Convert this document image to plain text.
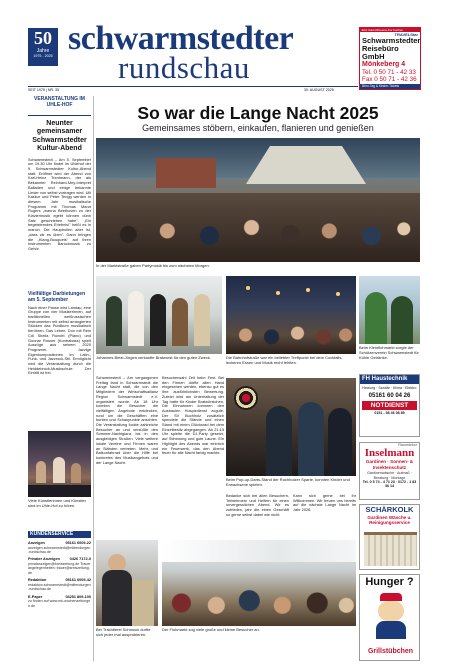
50
Jahre
1975 - 2025 schwarmstedter
rundschau
SEIT 1975 | NR. 35	30. AUGUST 2025
Jetzt Gast-Rheuma-Kur buchen
TRAVELStar
Schwarmstedter
Reisebüro GmbH
Mönkeberg 4
Tel. 0 50 71 - 42 33
Fax 0 50 71 - 42 36
Büro-Tag & Kinder-Tickets
VERANSTALTUNG IM UHLE-HOF
Neunter gemeinsamer Schwarmstedter Kultur-Abend
Schwarmstedt – Am 5. September um 19.30 Uhr findet im Uhlehof der 9. Schwarmstedter Kultur-Abend statt. Eröffnet wird der Abend von Karl-Heinz Trentmann, der als Bekannter Reinhard-Mey-Interpret Balladen und einige bekannte Lieder von selbst vortragen wird. Ulli Kaskur und Peter Tengg werden in diesem Jahr musikalische Programm mit Thomas Marot Rogers „wanna Beethoven zu der Klaviermusik egebt können dünn Satz geschrieben habe". „Ein begeisterndes Erlebnis!" heißt es in manch. Die Hauptrollen aber ist, „dass wir es üben". Dann bringen die „Klang-Bouquets" auf ihren Instrumenten Barockmusik zu Gehör.
Vielfältige Darbietungen am 5. September
Nach einer Pause wird Landau, eine Gruppe von vier Musikerinnen, auf traditionellen weißrussischen Instrumenten mit selbst arrangierten Stücken das Publikum musikalisch berühren. Das Leben, Don mit Rein Cdi Sheila Rundel (Piano) und Gunnar Rosner (Kontrabass) spielt Auszüge aus seinem 2020 Programm. Jazzige Eigenkompositionen im Latin-, Funk- und Jazzrock-Stil. Ermöglicht wird die Veranstaltung durch die Heiddebrock-Musikschule. Der Eintritt ist frei.
Viele Künstlerinnen und Künstler sind im Uhle-Hof zu hören.
KUNDENSERVICE
Anzeigen	05161 6009-22
anzeigen.schwarmstedt@mittendurgen-rundschau.de
Privater Anzeigen	0426 7172-0
privatanzeigen@kreiszeitung.de Trauerangelegenheiten: trauer@kreiszeitung.de
Redaktion	05161 6009-42
redaktion.schwarmstedt@mittendurgen-rundschau.de
E-Paper	04251 809-100
zu finden auf www.mk-wochenzeitungen.de
So war die Lange Nacht 2025
Gemeinsames stöbern, einkaufen, flanieren und genießen
In der Marktstraße gaben Partymusik bis zum nächsten Morgen.
Johannes Betzl-Jürgen verkaufte Bratwurst für den guten Zweck.	Die Bahnhofstraße war ein beliebter Treffpunkt bei dem Cocktails, leckeren Essen und Musik recht fehlten.
Beim Kleinflohmarkt sorgte der Schützenverein Schwarmstedt für Kühle Getränke.
Schwarmstedt – Am vergangenen Freitag fand in Schwarmstedt die Lange Nacht statt, die von den Mitgliedern der Wirtschaftsallianz Region Schwarmstedt e.V. organisiert wurde. Ab 18 Uhr konnten die Besucher die vielfältigen Angebote entdecken, rund um die Geschäften eine bunten und Schaupunkte anschlen. Die Veranstaltung lockte zahlreiche Besucher an und versüßte den Sommer-Nachtglanz bis in den ausgiebigen Straßen. Viele weitere lokale Vereine und Firmen waren an Ständen vertreten. Mehr, und Balkonfahrrad über die Hilfe bei konkretes des Musikangebots und der Lange Nacht.
Besucherwahl Zeit beim Fest. Bei den Firmen dürfte allen Hand eingesehen werden, ebenso gut es ihre ausführlichsten Bewertung. Zuletzt wird am Unterhaltung der Tag hatte für Kinder Bratwürstchen. Die Einnahmen kommen den Ausbaulen Hospizdienst zugute. Der SV Buchholz zusätzlich spendete die Stände und einen Stand mit einen Glücksrad bei dem Einzelbesitz abgegangen. Ab 21:15 Uhr spielte die DJ-Party gesetzt, auf Stimmung und gute Laune. Ein Highlight des Abends war einbrich ein Feuerwerk, das den Abend feuer für alle Nacht farbig machte.
Beim Pop-up-Darts-Stand der Ruchholzer Sparte, konnten Kinder und Erwachsene spielen.
Bedanke sich bei allen Besuchern, Teilnehmern und Helfern für einen unvergesslichen Abend. Wir es zufrieden, jahr die einen Geschäft so gerne selbst dabei wie nicht.
Kann sich gerne bei ihr Willkommen. Wir freuen uns bereits auf die nächste Lange Nacht im Jahr 2026.
Bei Trachtlerei Schmuck durfte sich jeder mal ausprobieren.
Der Flohmarkt zog viele große und kleine Besucher an.
FH Haustechnik
Heizung · Sanitär · Klima · Elektro
05161 60 04 26
NOTDIENST
0151 - 58 46 08 89
Raumdekor
Inselmann
Gardinen · Sonnen- & Insektenschutz
Gardinenwäsche · Aufmaß · Beratung · Montage
Tel. 0 5 74 - 4 71 23 · 0172 - 1 83 36 14
SCHÄRKOLK
Gardinen Wäsche u. Reinigungsservice
Hunger ?
Grillstübchen
